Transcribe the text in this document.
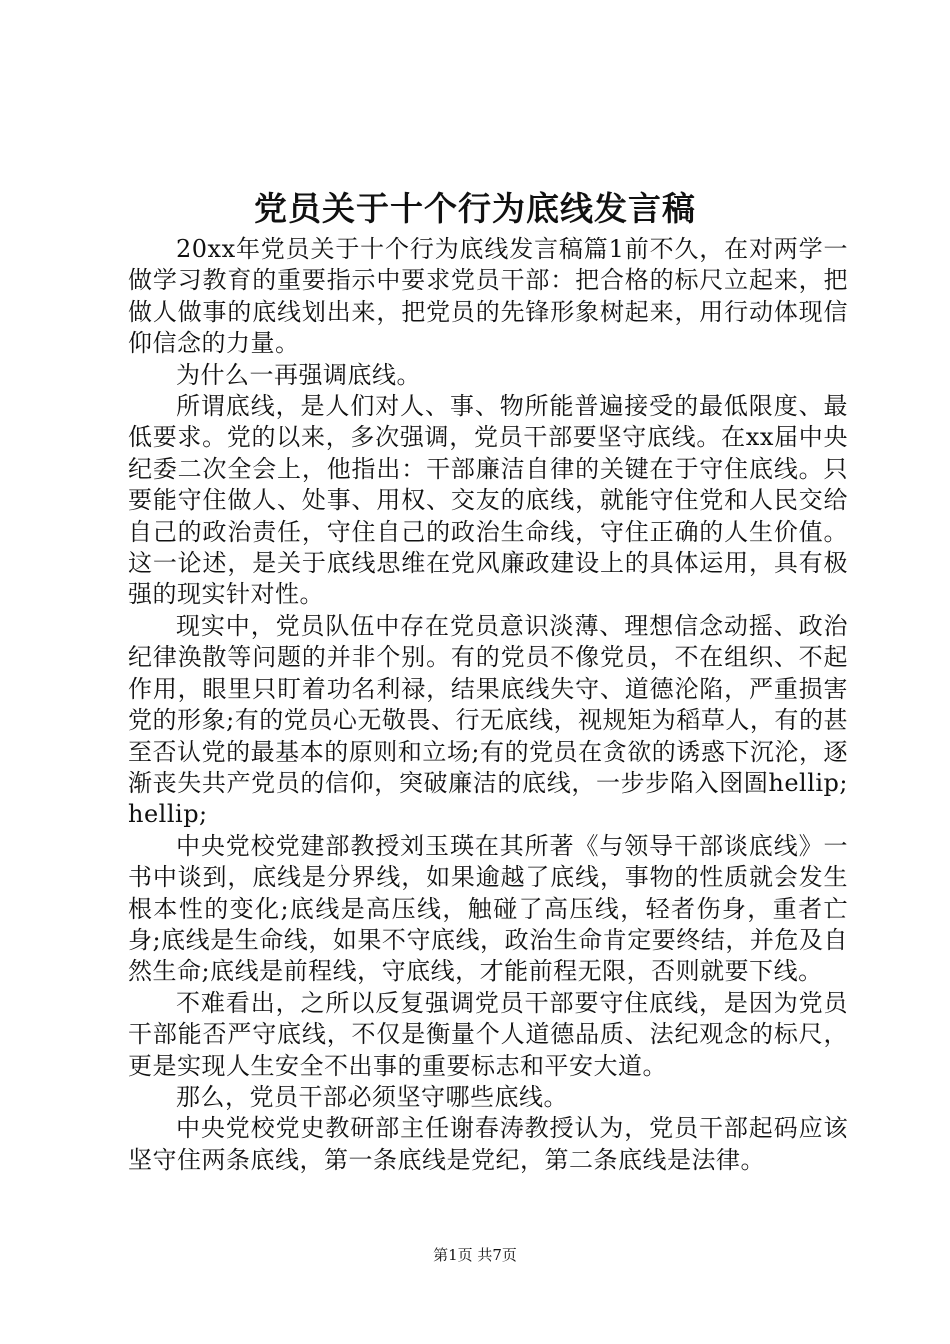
党员关于十个行为底线发言稿

20xx年党员关于十个行为底线发言稿篇1前不久，在对两学一做学习教育的重要指示中要求党员干部：把合格的标尺立起来，把做人做事的底线划出来，把党员的先锋形象树起来，用行动体现信仰信念的力量。

为什么一再强调底线。

所谓底线，是人们对人、事、物所能普遍接受的最低限度、最低要求。党的以来，多次强调，党员干部要坚守底线。在xx届中央纪委二次全会上，他指出：干部廉洁自律的关键在于守住底线。只要能守住做人、处事、用权、交友的底线，就能守住党和人民交给自己的政治责任，守住自己的政治生命线，守住正确的人生价值。这一论述，是关于底线思维在党风廉政建设上的具体运用，具有极强的现实针对性。

现实中，党员队伍中存在党员意识淡薄、理想信念动摇、政治纪律涣散等问题的并非个别。有的党员不像党员，不在组织、不起作用，眼里只盯着功名利禄，结果底线失守、道德沦陷，严重损害党的形象;有的党员心无敬畏、行无底线，视规矩为稻草人，有的甚至否认党的最基本的原则和立场;有的党员在贪欲的诱惑下沉沦，逐渐丧失共产党员的信仰，突破廉洁的底线，一步步陷入囹圄hellip;hellip;

中央党校党建部教授刘玉瑛在其所著《与领导干部谈底线》一书中谈到，底线是分界线，如果逾越了底线，事物的性质就会发生根本性的变化;底线是高压线，触碰了高压线，轻者伤身，重者亡身;底线是生命线，如果不守底线，政治生命肯定要终结，并危及自然生命;底线是前程线，守底线，才能前程无限，否则就要下线。

不难看出，之所以反复强调党员干部要守住底线，是因为党员干部能否严守底线，不仅是衡量个人道德品质、法纪观念的标尺，更是实现人生安全不出事的重要标志和平安大道。

那么，党员干部必须坚守哪些底线。

中央党校党史教研部主任谢春涛教授认为，党员干部起码应该坚守住两条底线，第一条底线是党纪，第二条底线是法律。

第1页 共7页
